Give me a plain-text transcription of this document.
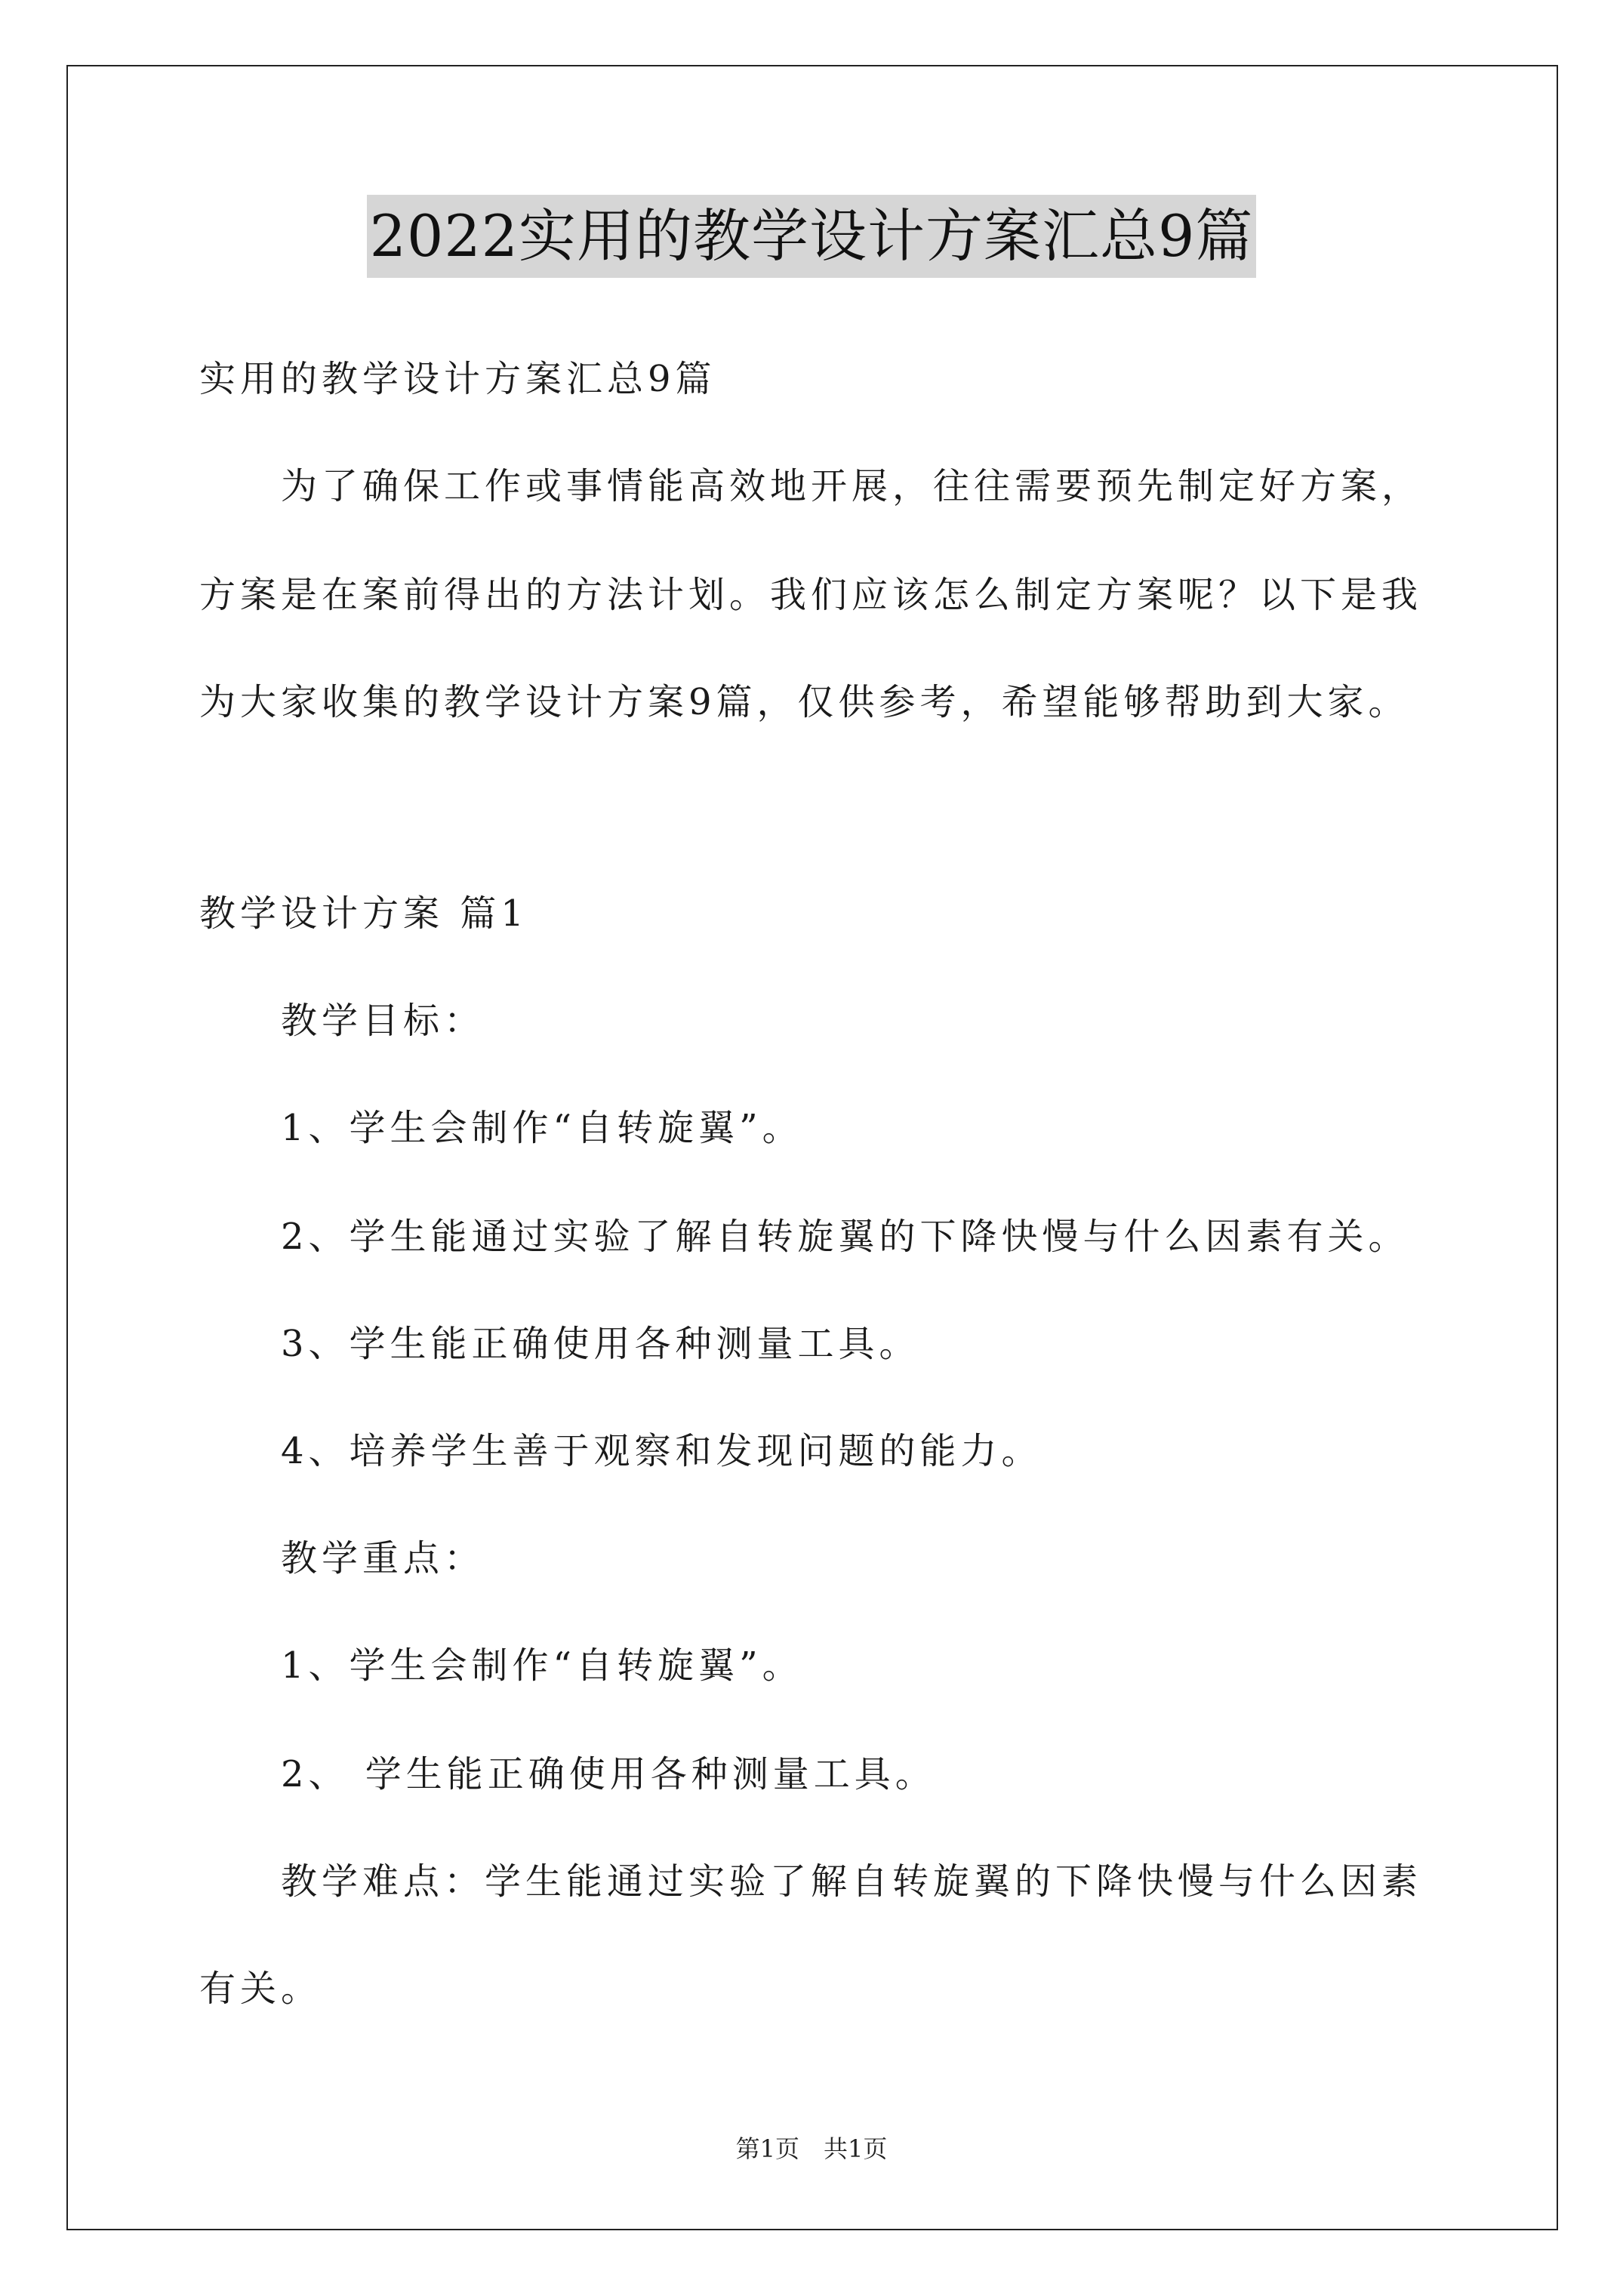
2022实用的教学设计方案汇总9篇
实用的教学设计方案汇总9篇
为了确保工作或事情能高效地开展，往往需要预先制定好方案，
方案是在案前得出的方法计划。我们应该怎么制定方案呢？以下是我
为大家收集的教学设计方案9篇，仅供参考，希望能够帮助到大家。
教学设计方案 篇1
教学目标：
1、学生会制作“自转旋翼”。
2、学生能通过实验了解自转旋翼的下降快慢与什么因素有关。
3、学生能正确使用各种测量工具。
4、培养学生善于观察和发现问题的能力。
教学重点：
1、学生会制作“自转旋翼”。
2、 学生能正确使用各种测量工具。
教学难点：学生能通过实验了解自转旋翼的下降快慢与什么因素
有关。
第1页　共1页
